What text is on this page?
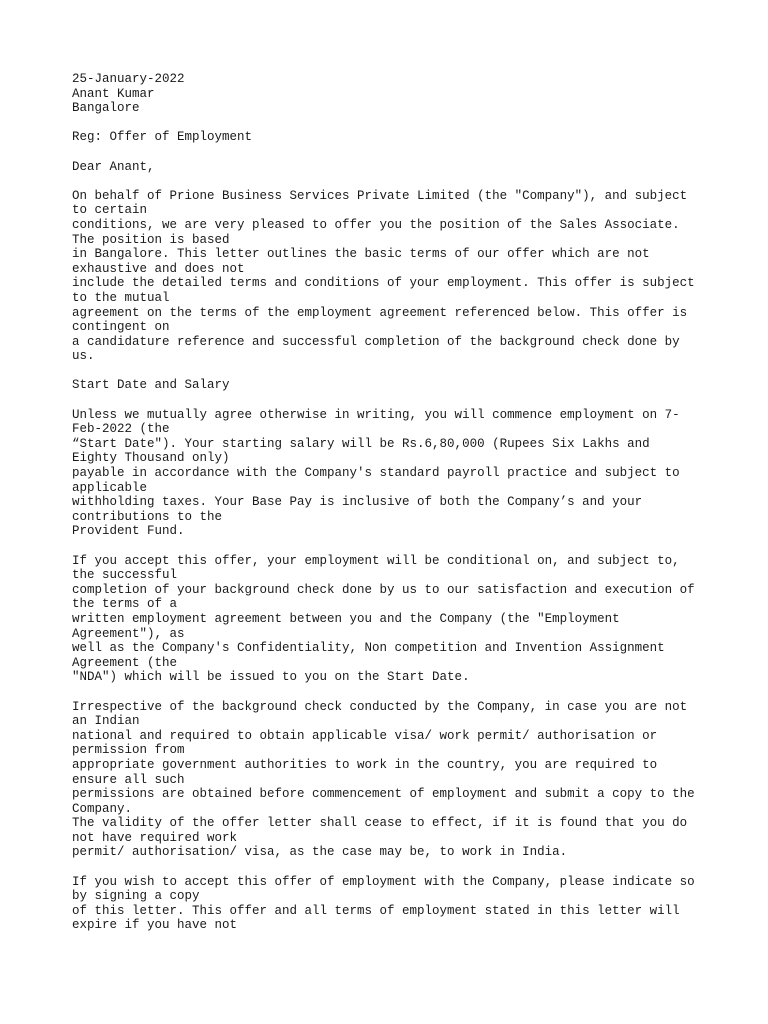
25-January-2022
Anant Kumar
Bangalore
Reg: Offer of Employment
Dear Anant,
On behalf of Prione Business Services Private Limited (the "Company"), and subject
to certain
conditions, we are very pleased to offer you the position of the Sales Associate.
The position is based
in Bangalore. This letter outlines the basic terms of our offer which are not
exhaustive and does not
include the detailed terms and conditions of your employment. This offer is subject
to the mutual
agreement on the terms of the employment agreement referenced below. This offer is
contingent on
a candidature reference and successful completion of the background check done by
us.
Start Date and Salary
Unless we mutually agree otherwise in writing, you will commence employment on 7-
Feb-2022 (the
“Start Date"). Your starting salary will be Rs.6,80,000 (Rupees Six Lakhs and
Eighty Thousand only)
payable in accordance with the Company's standard payroll practice and subject to
applicable
withholding taxes. Your Base Pay is inclusive of both the Company’s and your
contributions to the
Provident Fund.
If you accept this offer, your employment will be conditional on, and subject to,
the successful
completion of your background check done by us to our satisfaction and execution of
the terms of a
written employment agreement between you and the Company (the "Employment
Agreement"), as
well as the Company's Confidentiality, Non competition and Invention Assignment
Agreement (the
"NDA") which will be issued to you on the Start Date.
Irrespective of the background check conducted by the Company, in case you are not
an Indian
national and required to obtain applicable visa/ work permit/ authorisation or
permission from
appropriate government authorities to work in the country, you are required to
ensure all such
permissions are obtained before commencement of employment and submit a copy to the
Company.
The validity of the offer letter shall cease to effect, if it is found that you do
not have required work
permit/ authorisation/ visa, as the case may be, to work in India.
If you wish to accept this offer of employment with the Company, please indicate so
by signing a copy
of this letter. This offer and all terms of employment stated in this letter will
expire if you have not
